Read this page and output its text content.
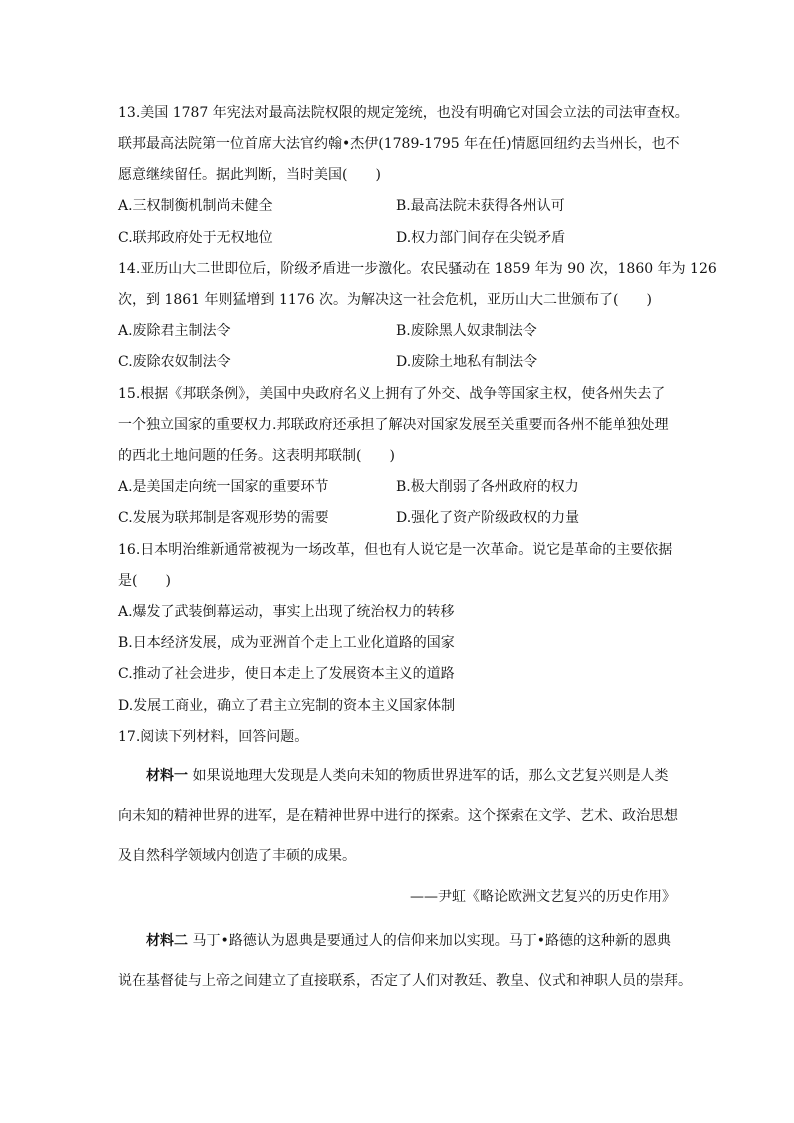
13.美国 1787 年宪法对最高法院权限的规定笼统，也没有明确它对国会立法的司法审查权。

联邦最高法院第一位首席大法官约翰•杰伊(1789-1795 年在任)情愿回纽约去当州长，也不

愿意继续留任。据此判断，当时美国(　　)

A.三权制衡机制尚未健全	B.最高法院未获得各州认可
C.联邦政府处于无权地位	D.权力部门间存在尖锐矛盾

14.亚历山大二世即位后，阶级矛盾进一步激化。农民骚动在 1859 年为 90 次，1860 年为 126

次，到 1861 年则猛增到 1176 次。为解决这一社会危机，亚历山大二世颁布了(　　)

A.废除君主制法令	B.废除黑人奴隶制法令
C.废除农奴制法令	D.废除土地私有制法令

15.根据《邦联条例》，美国中央政府名义上拥有了外交、战争等国家主权，使各州失去了

一个独立国家的重要权力.邦联政府还承担了解决对国家发展至关重要而各州不能单独处理

的西北土地问题的任务。这表明邦联制(　　)

A.是美国走向统一国家的重要环节	B.极大削弱了各州政府的权力
C.发展为联邦制是客观形势的需要	D.强化了资产阶级政权的力量

16.日本明治维新通常被视为一场改革，但也有人说它是一次革命。说它是革命的主要依据

是(　　)

A.爆发了武装倒幕运动，事实上出现了统治权力的转移
B.日本经济发展，成为亚洲首个走上工业化道路的国家
C.推动了社会进步，使日本走上了发展资本主义的道路
D.发展工商业，确立了君主立宪制的资本主义国家体制

17.阅读下列材料，回答问题。

材料一 如果说地理大发现是人类向未知的物质世界进军的话，那么文艺复兴则是人类
向未知的精神世界的进军，是在精神世界中进行的探索。这个探索在文学、艺术、政治思想
及自然科学领域内创造了丰硕的成果。
——尹虹《略论欧洲文艺复兴的历史作用》
材料二 马丁•路德认为恩典是要通过人的信仰来加以实现。马丁•路德的这种新的恩典
说在基督徒与上帝之间建立了直接联系，否定了人们对教廷、教皇、仪式和神职人员的崇拜。
